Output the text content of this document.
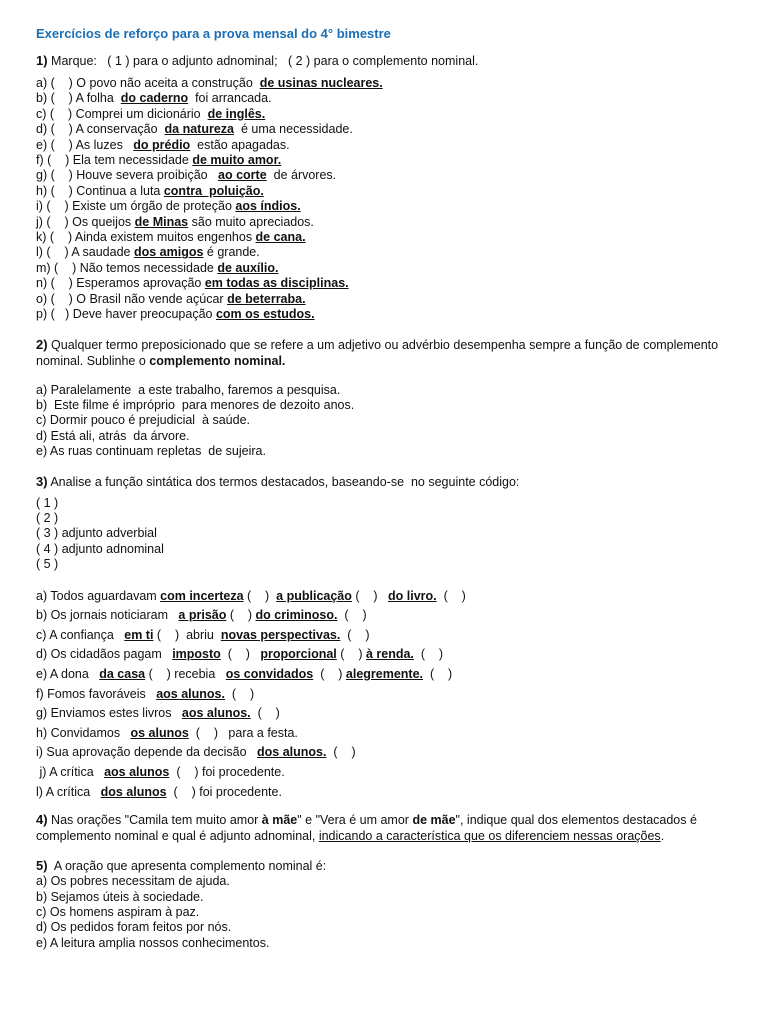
Exercícios de reforço para a prova mensal do 4° bimestre
1) Marque:   ( 1 ) para o adjunto adnominal;   ( 2 ) para o complemento nominal.
a) (    ) O povo não aceita a construção  de usinas nucleares.
b) (    ) A folha  do caderno  foi arrancada.
c) (    ) Comprei um dicionário  de inglês.
d) (    ) A conservação  da natureza  é uma necessidade.
e) (    ) As luzes   do prédio  estão apagadas.
f) (    ) Ela tem necessidade de muito amor.
g) (    ) Houve severa proibição   ao corte  de árvores.
h) (    ) Continua a luta contra  poluição.
i) (    ) Existe um órgão de proteção aos índios.
j) (    ) Os queijos de Minas são muito apreciados.
k) (    ) Ainda existem muitos engenhos de cana.
l) (    ) A saudade dos amigos é grande.
m) (    ) Não temos necessidade de auxílio.
n) (    ) Esperamos aprovação em todas as disciplinas.
o) (    ) O Brasil não vende açúcar de beterraba.
p) (   ) Deve haver preocupação com os estudos.
2) Qualquer termo preposicionado que se refere a um adjetivo ou advérbio desempenha sempre a função de complemento nominal. Sublinhe o complemento nominal.
a) Paralelamente  a este trabalho, faremos a pesquisa.
b)  Este filme é impróprio  para menores de dezoito anos.
c) Dormir pouco é prejudicial  à saúde.
d) Está ali, atrás  da árvore.
e) As ruas continuam repletas  de sujeira.
3) Analise a função sintática dos termos destacados, baseando-se  no seguinte código:
( 1 )
( 2 )
( 3 ) adjunto adverbial
( 4 ) adjunto adnominal
( 5 )
a) Todos aguardavam com incerteza (    )  a publicação (    )   do livro.  (    )
b) Os jornais noticiaram   a prisão (    ) do criminoso.  (    )
c) A confiança   em ti (    )  abriu  novas perspectivas.  (    )
d) Os cidadãos pagam   imposto  (    )   proporcional (    ) à renda.  (    )
e) A dona   da casa (    ) recebia   os convidados  (    ) alegremente.  (    )
f) Fomos favoráveis   aos alunos.  (    )
g) Enviamos estes livros   aos alunos.  (    )
h) Convidamos   os alunos  (    )   para a festa.
i) Sua aprovação depende da decisão   dos alunos.  (    )
j) A crítica   aos alunos  (    ) foi procedente.
l) A crítica   dos alunos  (    ) foi procedente.
4) Nas orações "Camila tem muito amor à mãe" e "Vera é um amor de mãe", indique qual dos elementos destacados é complemento nominal e qual é adjunto adnominal, indicando a característica que os diferenciem nessas orações.
5)  A oração que apresenta complemento nominal é:
a) Os pobres necessitam de ajuda.
b) Sejamos úteis à sociedade.
c) Os homens aspiram à paz.
d) Os pedidos foram feitos por nós.
e) A leitura amplia nossos conhecimentos.
